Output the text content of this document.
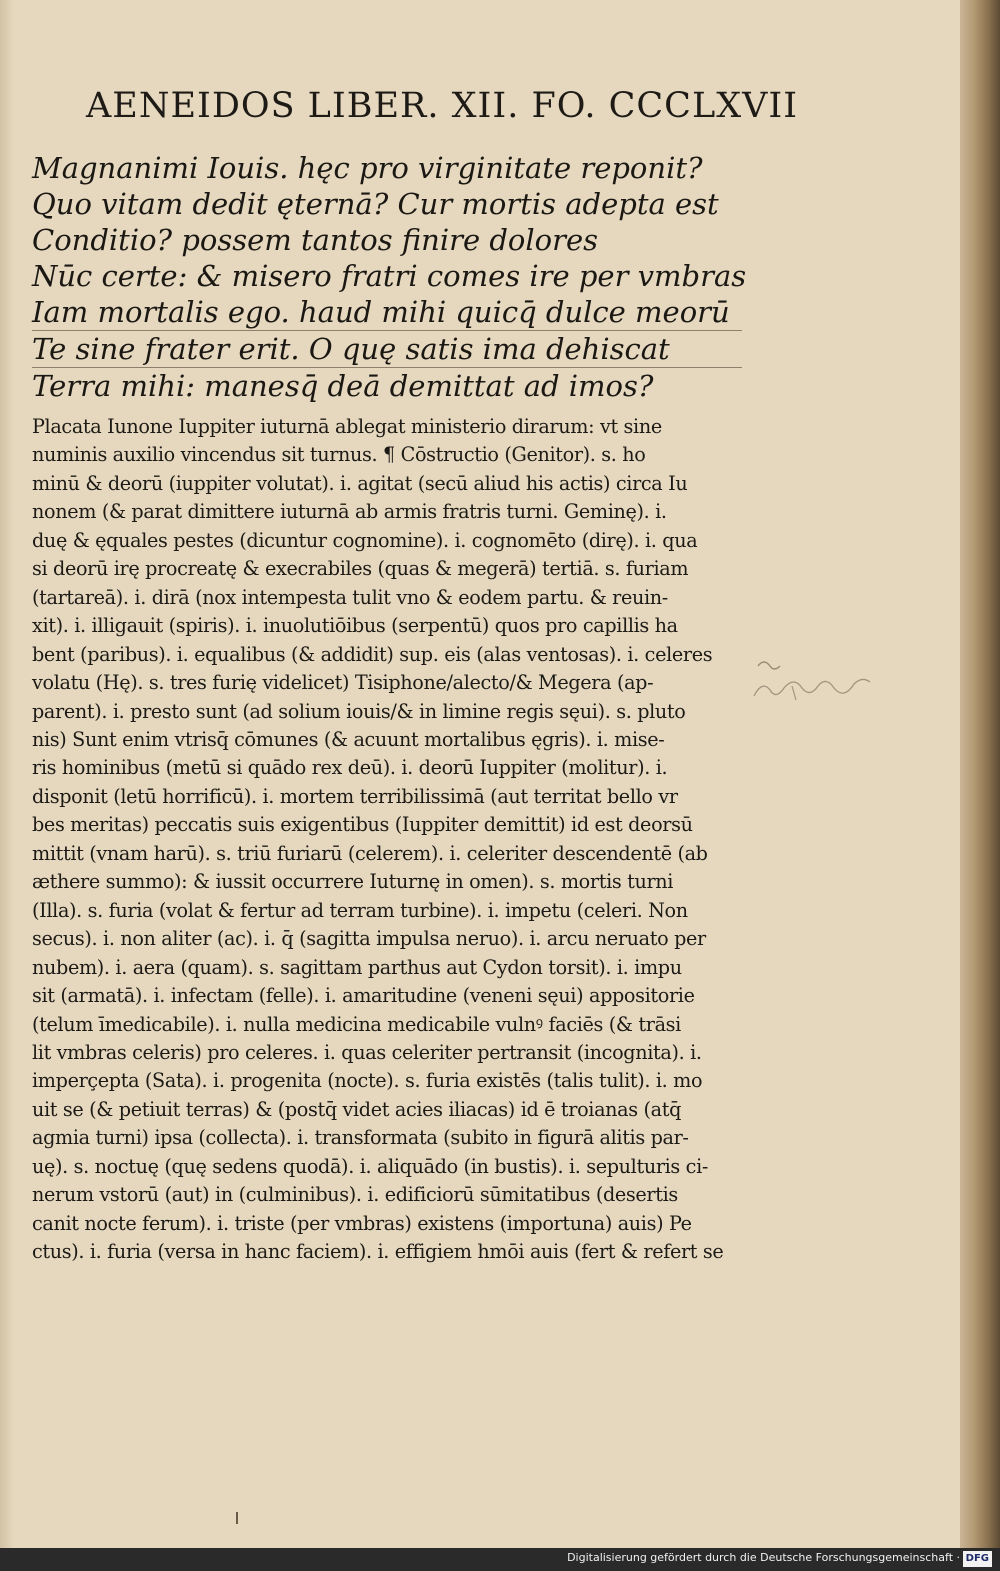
AENEIDOS LIBER. XII. FO. CCCLXVII
Magnanimi Iouis. hęc pro virginitate reponit?
Quo vitam dedit ęternā? Cur mortis adepta est
Conditio? possem tantos finire dolores
Nūc certe: & misero fratri comes ire per vmbras
Iam mortalis ego. haud mihi quicq̄ dulce meorū
Te sine frater erit. O quę satis ima dehiscat
Terra mihi: manesq̄ deā demittat ad imos?
Placata Iunone Iuppiter iuturnā ablegat ministerio dirarum: vt sine
numinis auxilio vincendus sit turnus. ¶ Cōstructio (Genitor). s. ho
minū & deorū (iuppiter volutat). i. agitat (secū aliud his actis) circa Iu
nonem (& parat dimittere iuturnā ab armis fratris turni. Geminę). i.
duę & ęquales pestes (dicuntur cognomine). i. cognomēto (dirę). i. qua
si deorū irę procreatę & execrabiles (quas & megerā) tertiā. s. furiam
(tartareā). i. dirā (nox intempesta tulit vno & eodem partu. & reuin-
xit). i. illigauit (spiris). i. inuolutiōibus (serpentū) quos pro capillis ha
bent (paribus). i. equalibus (& addidit) sup. eis (alas ventosas). i. celeres
volatu (Hę). s. tres furię videlicet) Tisiphone/alecto/& Megera (ap-
parent). i. presto sunt (ad solium iouis/& in limine regis sęui). s. pluto
nis) Sunt enim vtrisq̄ cōmunes (& acuunt mortalibus ęgris). i. mise-
ris hominibus (metū si quādo rex deū). i. deorū Iuppiter (molitur). i.
disponit (letū horrificū). i. mortem terribilissimā (aut territat bello vr
bes meritas) peccatis suis exigentibus (Iuppiter demittit) id est deorsū
mittit (vnam harū). s. triū furiarū (celerem). i. celeriter descendentē (ab
æthere summo): & iussit occurrere Iuturnę in omen). s. mortis turni
(Illa). s. furia (volat & fertur ad terram turbine). i. impetu (celeri. Non
secus). i. non aliter (ac). i. q̄ (sagitta impulsa neruo). i. arcu neruato per
nubem). i. aera (quam). s. sagittam parthus aut Cydon torsit). i. impu
sit (armatā). i. infectam (felle). i. amaritudine (veneni sęui) appositorie
(telum īmedicabile). i. nulla medicina medicabile vulnꝰ faciēs (& trāsi
lit vmbras celeris) pro celeres. i. quas celeriter pertransit (incognita). i.
imperçepta (Sata). i. progenita (nocte). s. furia existēs (talis tulit). i. mo
uit se (& petiuit terras) & (postq̄ videt acies iliacas) id ē troianas (atq̄
agmia turni) ipsa (collecta). i. transformata (subito in figurā alitis par-
uę). s. noctuę (quę sedens quodā). i. aliquādo (in bustis). i. sepulturis ci-
nerum vstorū (aut) in (culminibus). i. edificiorū sūmitatibus (desertis
canit nocte ferum). i. triste (per vmbras) existens (importuna) auis) Pe
ctus). i. furia (versa in hanc faciem). i. effigiem hmōi auis (fert & refert se
Digitalisierung gefördert durch die Deutsche Forschungsgemeinschaft · DFG
